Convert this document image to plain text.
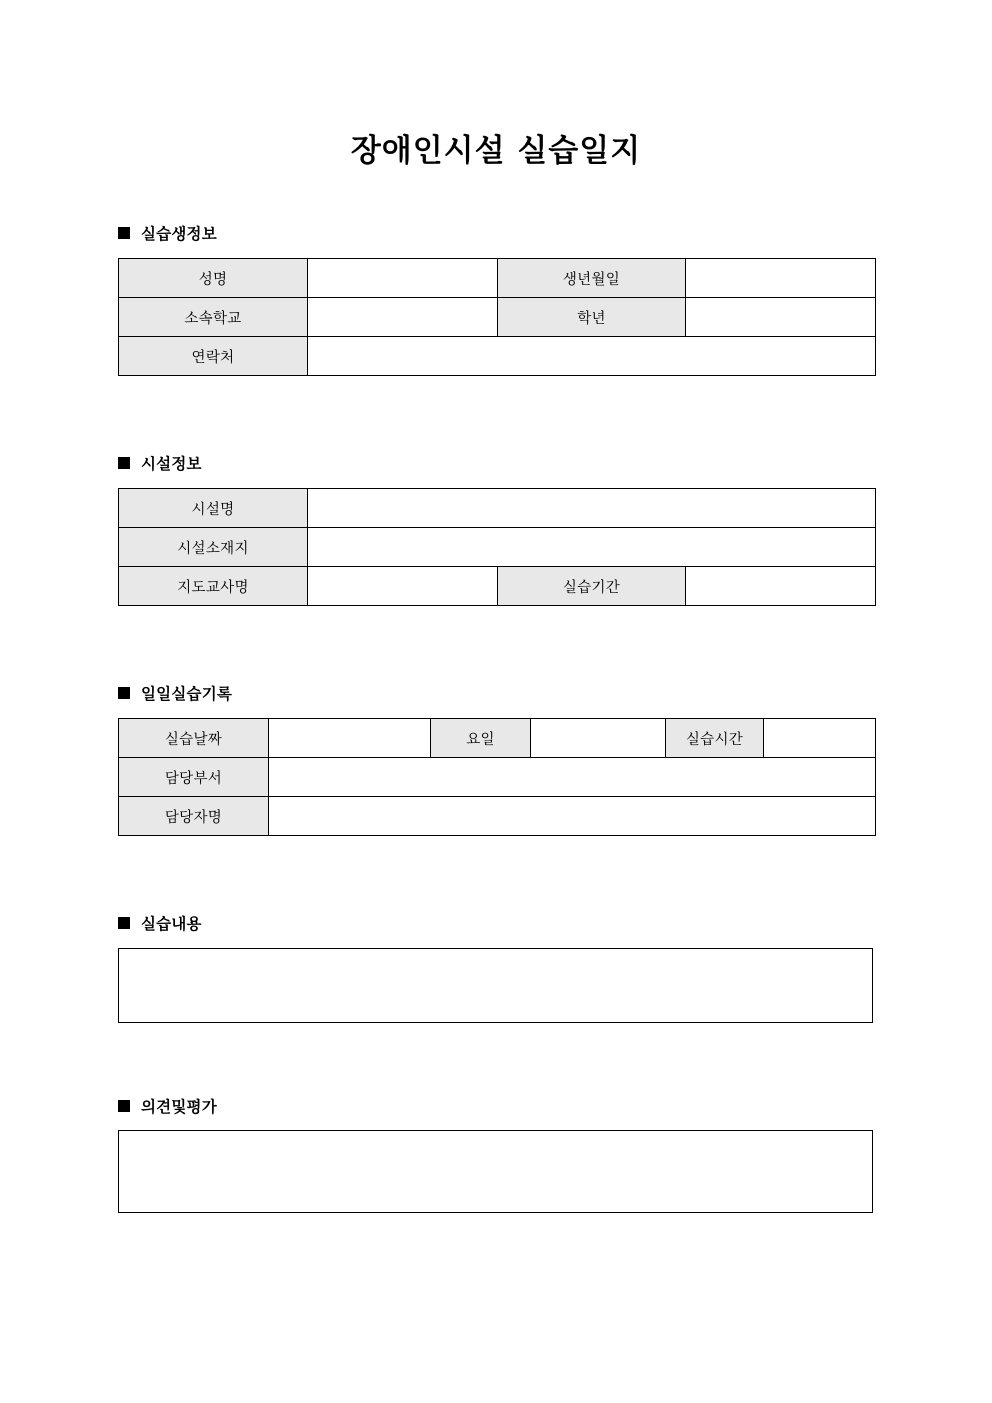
장애인시설 실습일지
실습생정보
성명		생년월일	
소속학교		학년	
연락처			
시설정보
시설명			
시설소재지			
지도교사명		실습기간	
일일실습기록
실습날짜		요일		실습시간	
담당부서					
담당자명					
실습내용
의견및평가
